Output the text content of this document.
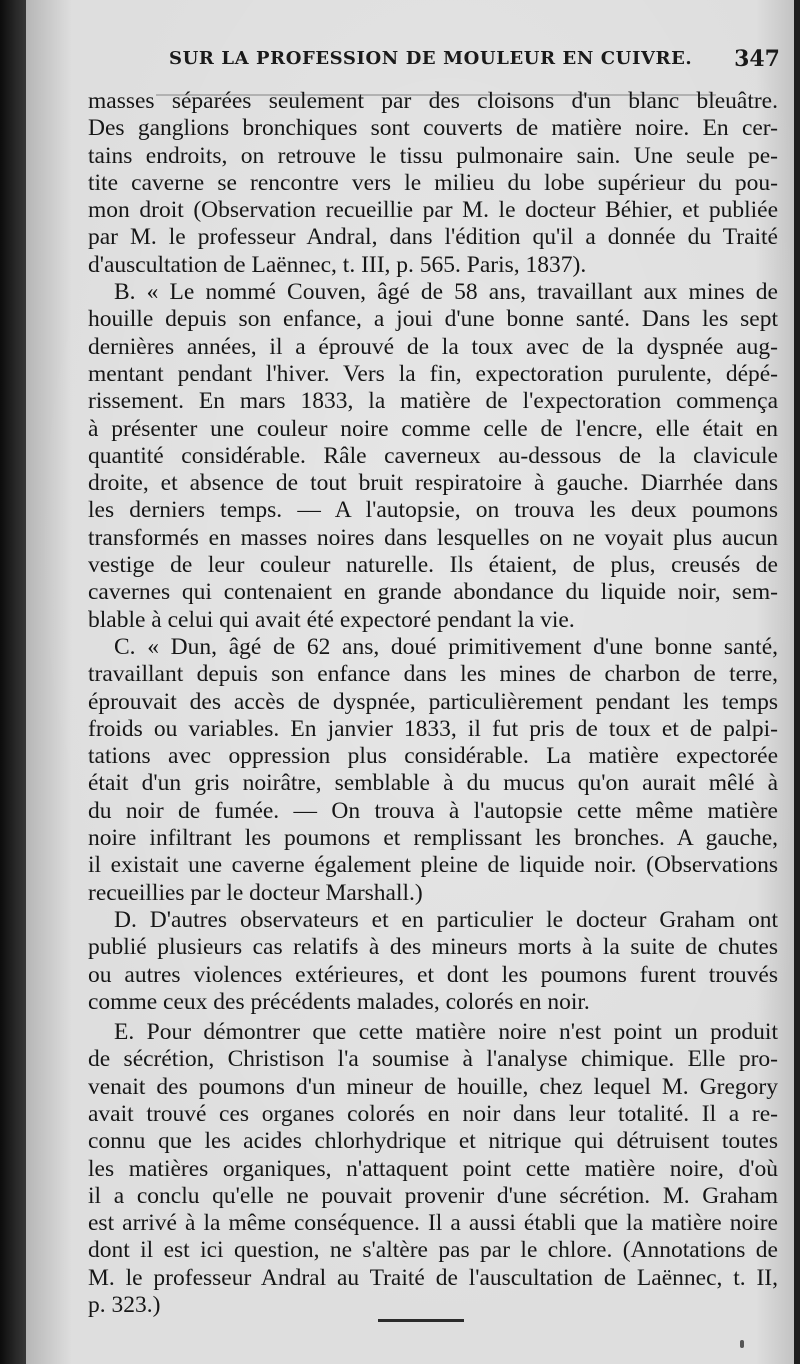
SUR LA PROFESSION DE MOULEUR EN CUIVRE. 347
masses séparées seulement par des cloisons d'un blanc bleuâtre.
Des ganglions bronchiques sont couverts de matière noire. En cer-
tains endroits, on retrouve le tissu pulmonaire sain. Une seule pe-
tite caverne se rencontre vers le milieu du lobe supérieur du pou-
mon droit (Observation recueillie par M. le docteur Béhier, et publiée
par M. le professeur Andral, dans l'édition qu'il a donnée du Traité
d'auscultation de Laënnec, t. III, p. 565. Paris, 1837).
B. « Le nommé Couven, âgé de 58 ans, travaillant aux mines de
houille depuis son enfance, a joui d'une bonne santé. Dans les sept
dernières années, il a éprouvé de la toux avec de la dyspnée aug-
mentant pendant l'hiver. Vers la fin, expectoration purulente, dépé-
rissement. En mars 1833, la matière de l'expectoration commença
à présenter une couleur noire comme celle de l'encre, elle était en
quantité considérable. Râle caverneux au-dessous de la clavicule
droite, et absence de tout bruit respiratoire à gauche. Diarrhée dans
les derniers temps. — A l'autopsie, on trouva les deux poumons
transformés en masses noires dans lesquelles on ne voyait plus aucun
vestige de leur couleur naturelle. Ils étaient, de plus, creusés de
cavernes qui contenaient en grande abondance du liquide noir, sem-
blable à celui qui avait été expectoré pendant la vie.
C. « Dun, âgé de 62 ans, doué primitivement d'une bonne santé,
travaillant depuis son enfance dans les mines de charbon de terre,
éprouvait des accès de dyspnée, particulièrement pendant les temps
froids ou variables. En janvier 1833, il fut pris de toux et de palpi-
tations avec oppression plus considérable. La matière expectorée
était d'un gris noirâtre, semblable à du mucus qu'on aurait mêlé à
du noir de fumée. — On trouva à l'autopsie cette même matière
noire infiltrant les poumons et remplissant les bronches. A gauche,
il existait une caverne également pleine de liquide noir. (Observations
recueillies par le docteur Marshall.)
D. D'autres observateurs et en particulier le docteur Graham ont
publié plusieurs cas relatifs à des mineurs morts à la suite de chutes
ou autres violences extérieures, et dont les poumons furent trouvés
comme ceux des précédents malades, colorés en noir.
E. Pour démontrer que cette matière noire n'est point un produit
de sécrétion, Christison l'a soumise à l'analyse chimique. Elle pro-
venait des poumons d'un mineur de houille, chez lequel M. Gregory
avait trouvé ces organes colorés en noir dans leur totalité. Il a re-
connu que les acides chlorhydrique et nitrique qui détruisent toutes
les matières organiques, n'attaquent point cette matière noire, d'où
il a conclu qu'elle ne pouvait provenir d'une sécrétion. M. Graham
est arrivé à la même conséquence. Il a aussi établi que la matière noire
dont il est ici question, ne s'altère pas par le chlore. (Annotations de
M. le professeur Andral au Traité de l'auscultation de Laënnec, t. II,
p. 323.)
